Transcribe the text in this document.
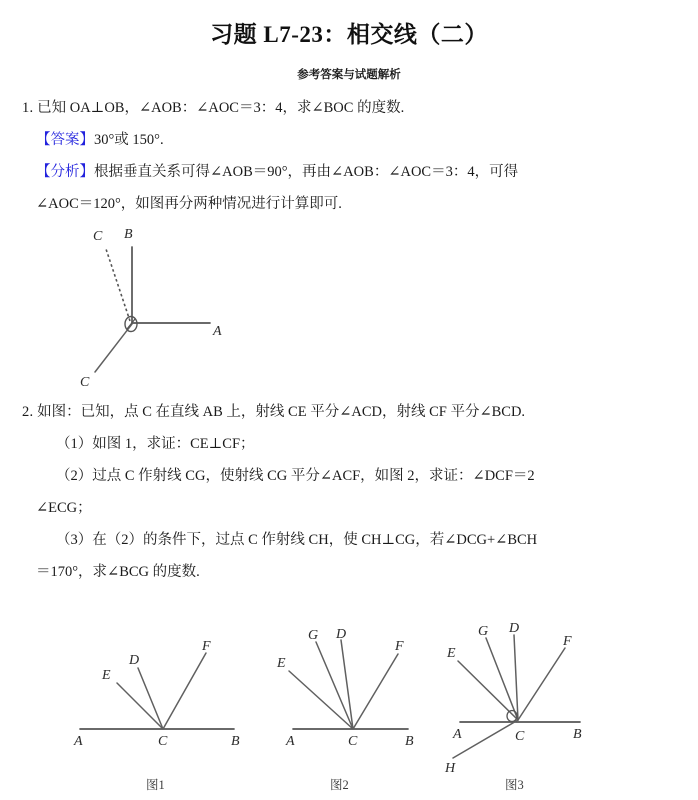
习题 L7-23：相交线（二）
参考答案与试题解析
1. 已知 OA⊥OB，∠AOB：∠AOC＝3：4，求∠BOC 的度数.
【答案】30°或 150°.
【分析】根据垂直关系可得∠AOB＝90°，再由∠AOB：∠AOC＝3：4，可得
∠AOC＝120°，如图再分两种情况进行计算即可.
C B
A
C
2. 如图：已知，点 C 在直线 AB 上，射线 CE 平分∠ACD，射线 CF 平分∠BCD.
（1）如图 1，求证：CE⊥CF；
（2）过点 C 作射线 CG，使射线 CG 平分∠ACF，如图 2，求证：∠DCF＝2
∠ECG；
（3）在（2）的条件下，过点 C 作射线 CH，使 CH⊥CG，若∠DCG+∠BCH
＝170°，求∠BCG 的度数.
A	C	B
E
D
F
图1
A	C	B
E
G D
F
图2
A	C	B
E
G D
F
H
图3
